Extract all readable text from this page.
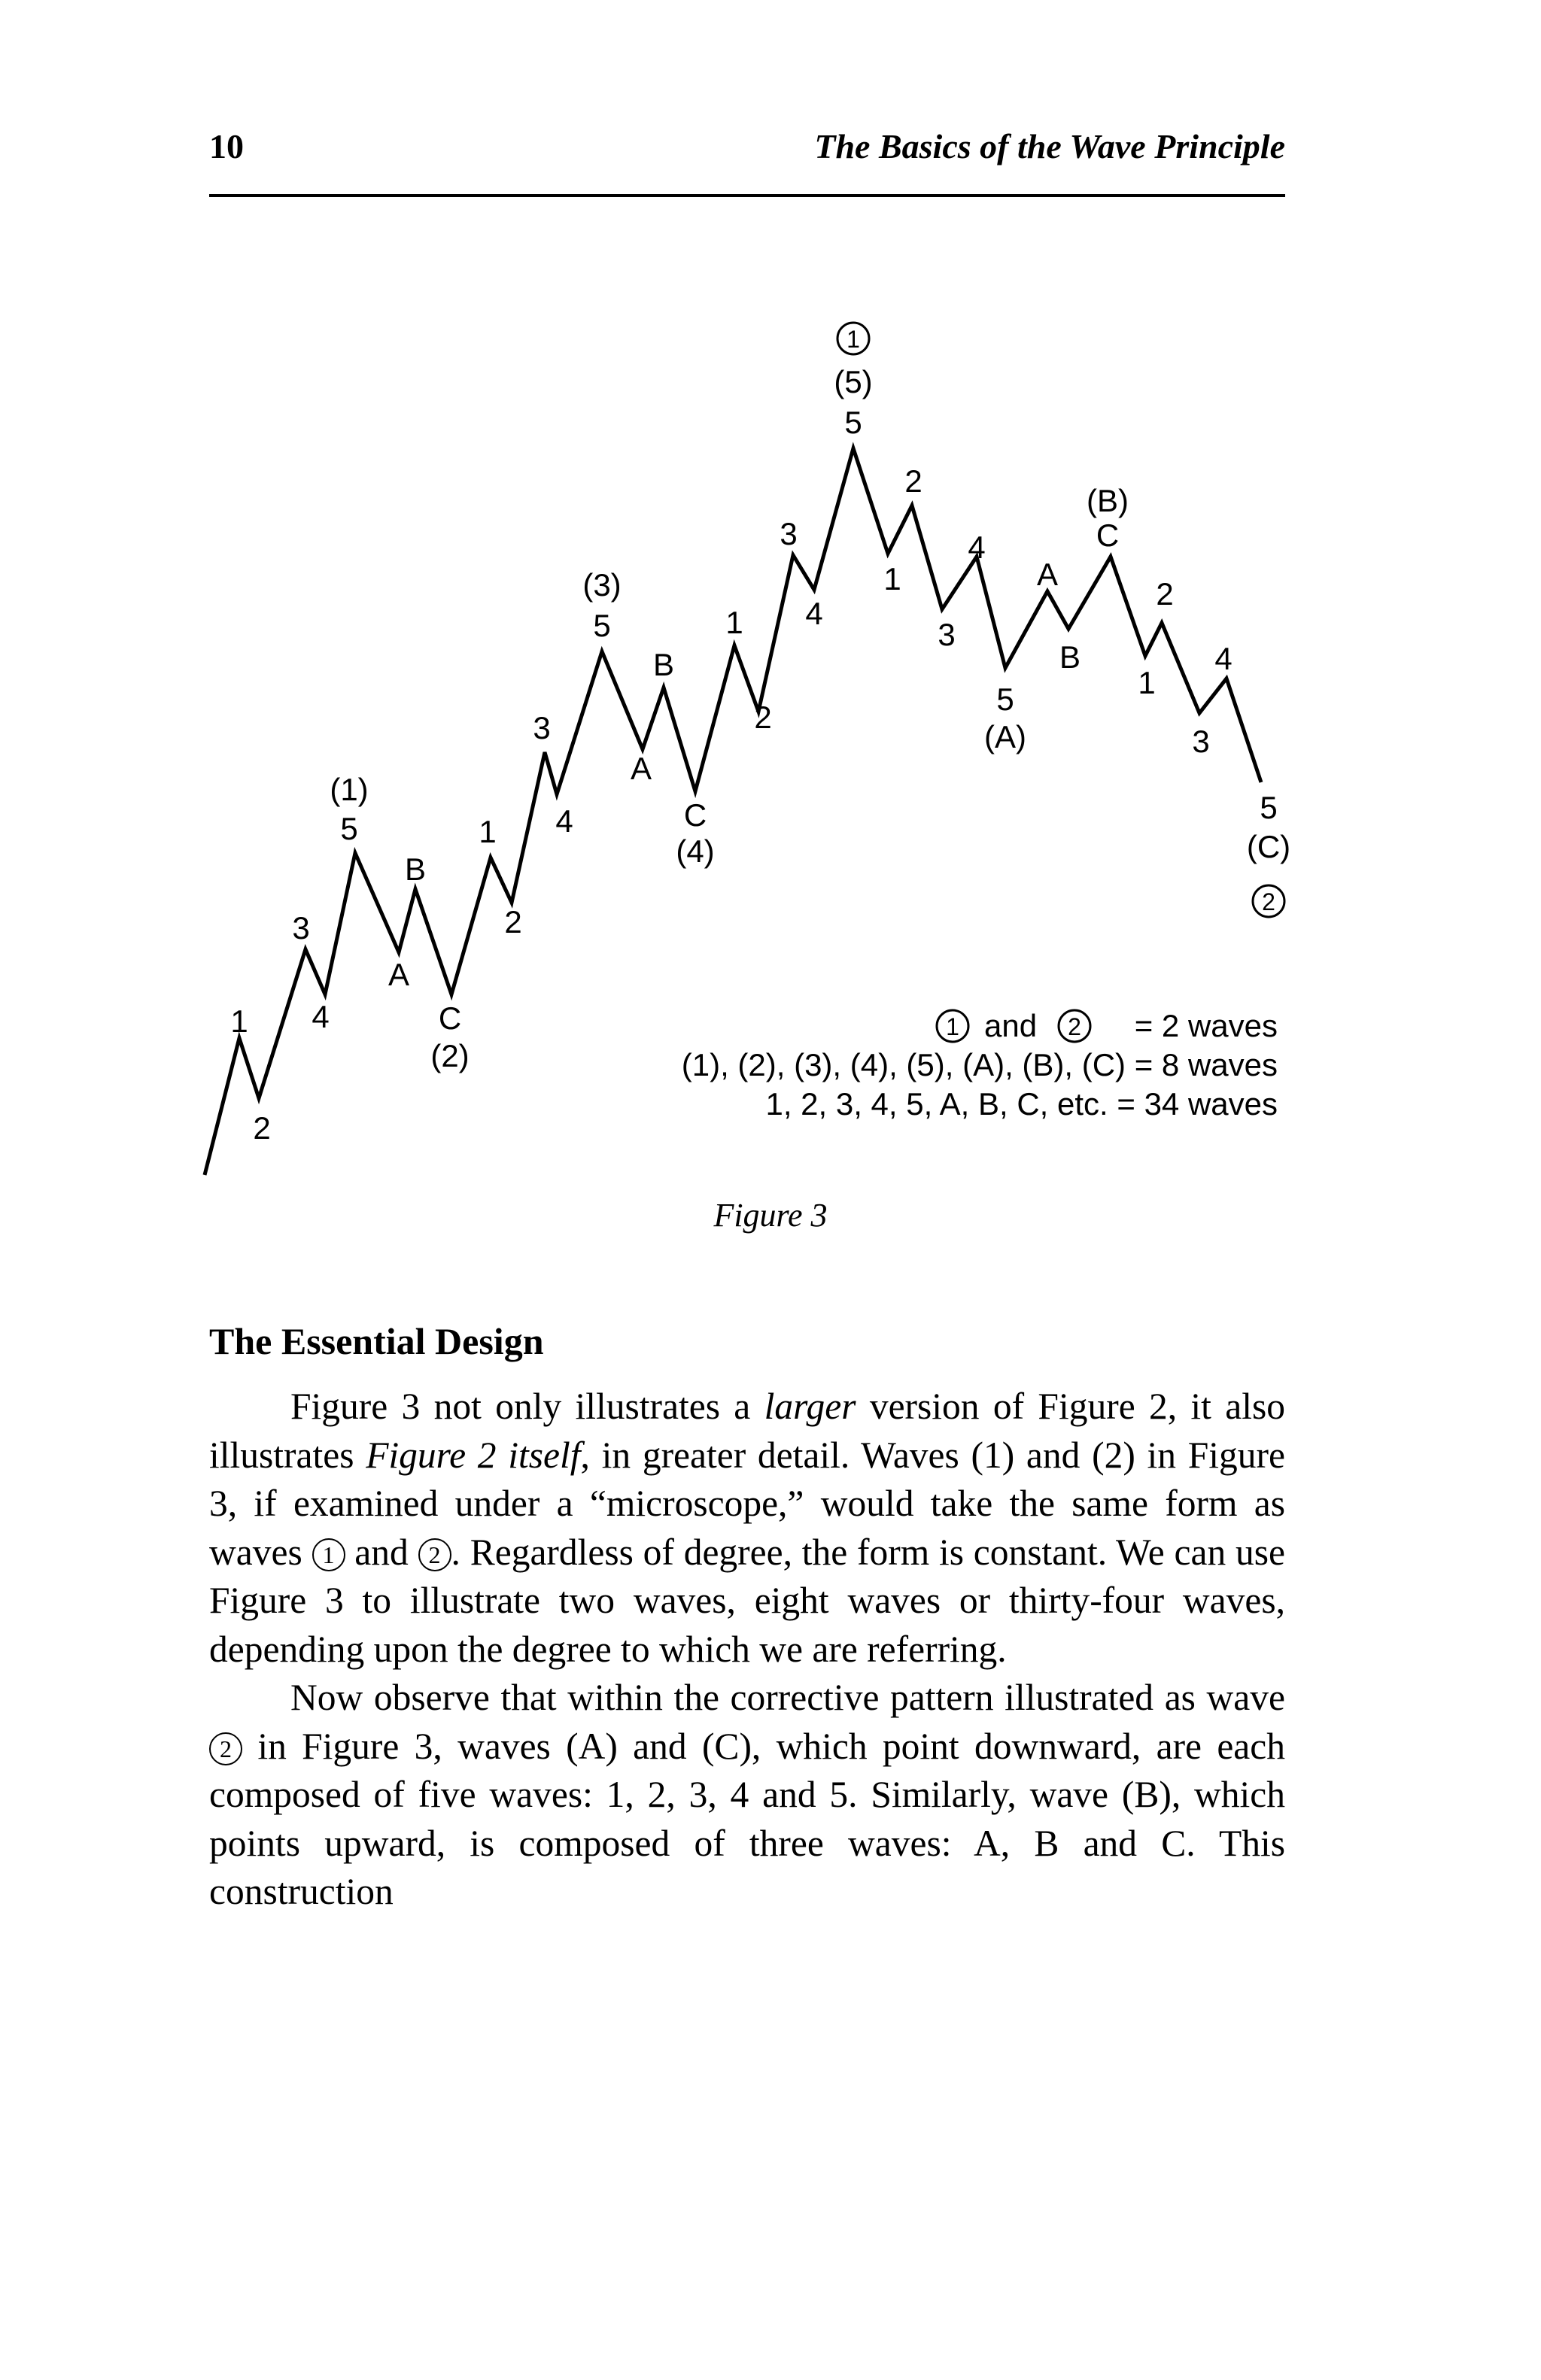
10	The Basics of the Wave Principle
1
2
3
4
5
(1)
A
B
C
(2)
1
2
3
4
5
(3)
A
B
C
(4)
1
2
3
4
5
(5)
1
1
2
3
4
5
(A)
A
B
C
(B)
1
2
3
4
5
(C)
2
1 and 2 = 2 waves
(1), (2), (3), (4), (5), (A), (B), (C) = 8 waves
1, 2, 3, 4, 5, A, B, C, etc. = 34 waves
Figure 3
The Essential Design

Figure 3 not only illustrates a larger version of Figure 2, it also illustrates Figure 2 itself, in greater detail. Waves (1) and (2) in Figure 3, if examined under a “microscope,” would take the same form as waves 1 and 2 . Regardless of degree, the form is constant. We can use Figure 3 to illustrate two waves, eight waves or thirty-four waves, depending upon the degree to which we are referring.

Now observe that within the corrective pattern illustrated as wave 2 in Figure 3, waves (A) and (C), which point downward, are each composed of five waves: 1, 2, 3, 4 and 5. Similarly, wave (B), which points upward, is composed of three waves: A, B and C. This construction
